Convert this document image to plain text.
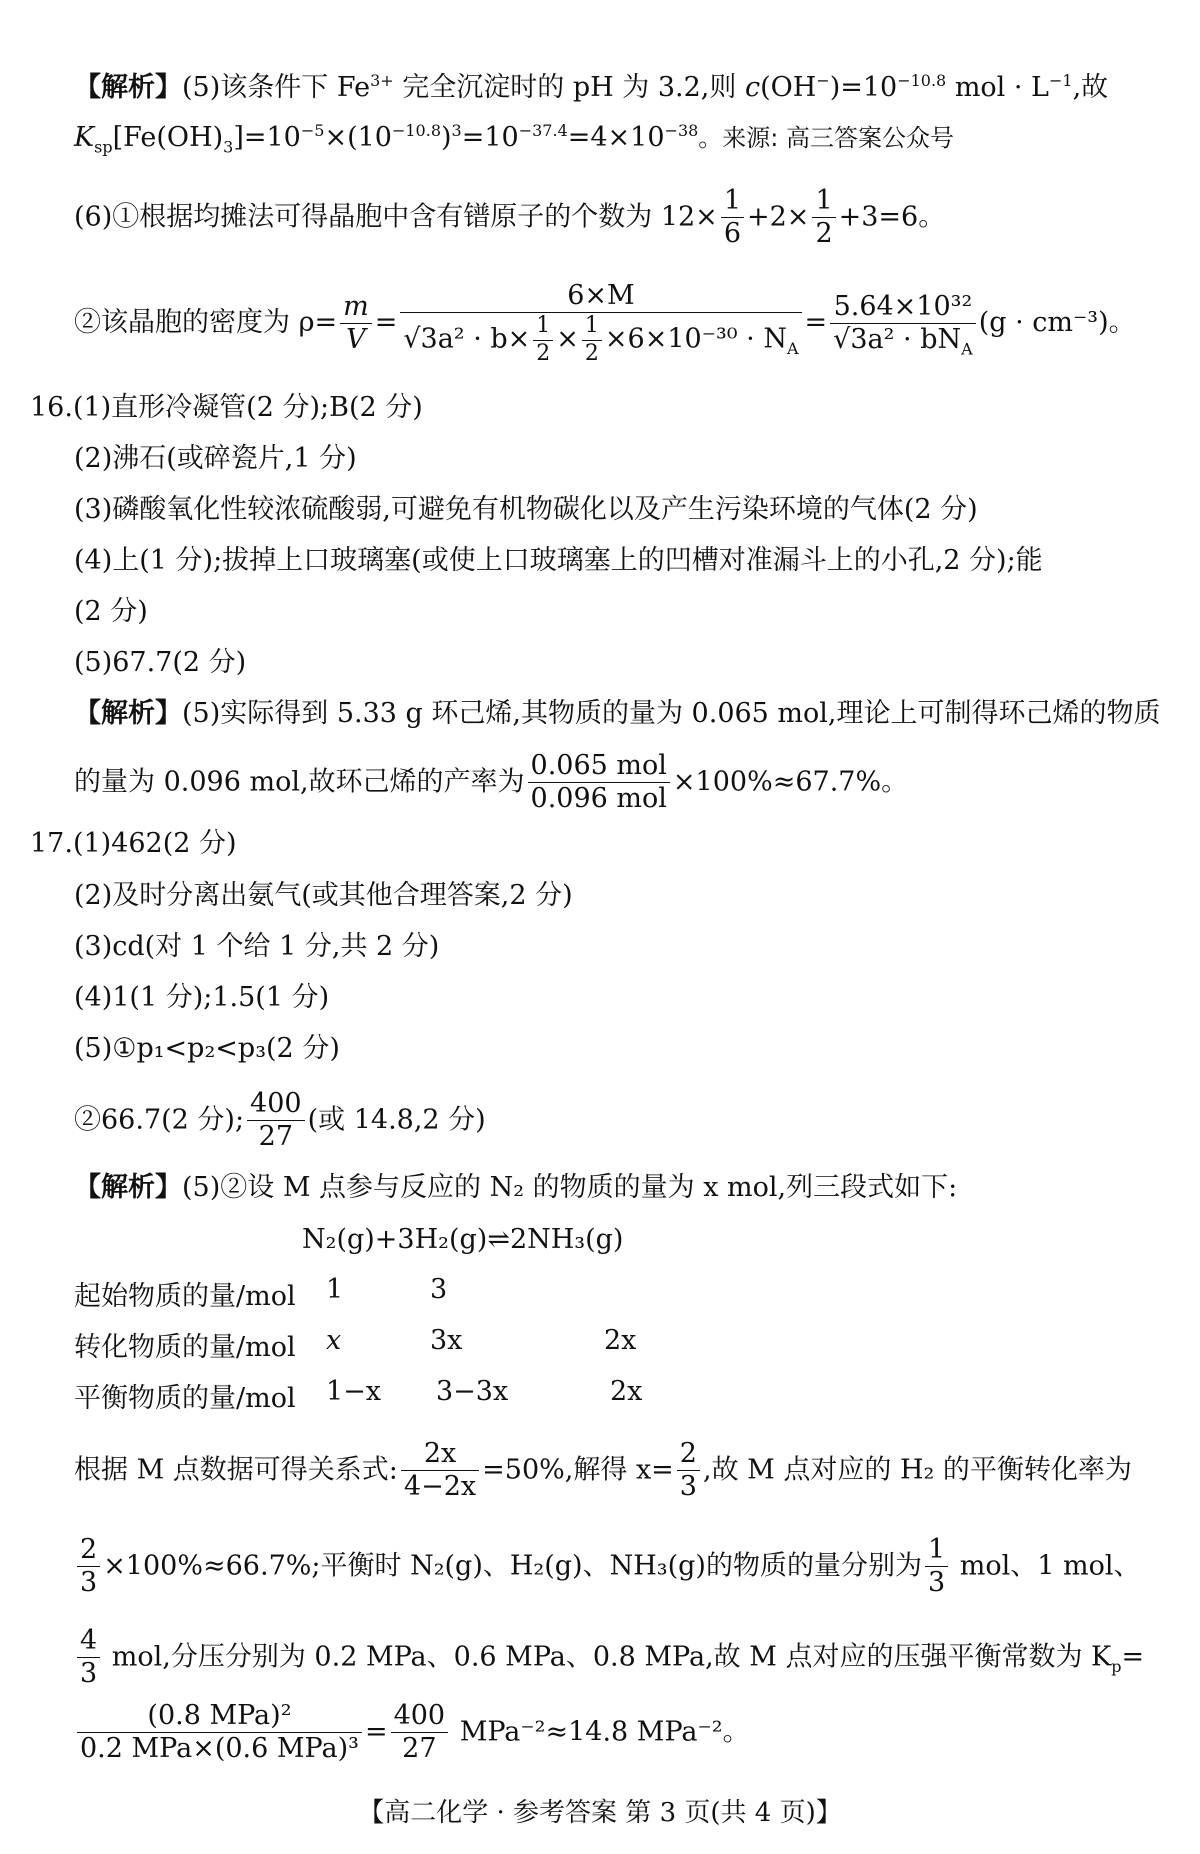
【解析】(5)该条件下 $Fe^{3+}$ 完全沉淀时的 pH 为 3.2,则 $c(OH^-)=10^{-10.8}$ mol · $L^{-1}$,故
$K_{sp}[Fe(OH)_3]=10^{-5}\times(10^{-10.8})^3=10^{-37.4}=4\times 10^{-38}$。来源: 高三答案公众号
(6)①根据均摊法可得晶胞中含有镨原子的个数为 $12\times \frac{1}{6} +2\times \frac{1}{2} +3=6$。
②该晶胞的密度为 $\rho= \frac{m}{V} = \frac{6\times M}{√3a^2 \cdot b\times \frac{1}{2} \times \frac{1}{2} \times 6\times 10^{-30} \cdot N_A} = \frac{\text{5.64×10³²}}{√3a^2 \cdot bN_A} (g \cdot cm^{-3})$。
16.(1)直形冷凝管(2 分);B(2 分)
(2)沸石(或碎瓷片,1 分)
(3)磷酸氧化性较浓硫酸弱,可避免有机物碳化以及产生污染环境的气体(2 分)
(4)上(1 分);拔掉上口玻璃塞(或使上口玻璃塞上的凹槽对准漏斗上的小孔,2 分);能
(2 分)
(5)67.7(2 分)
【解析】(5)实际得到 5.33 g 环己烯,其物质的量为 0.065 mol,理论上可制得环己烯的物质
的量为 0.096 mol,故环己烯的产率为 $\frac{\text{0.065 mol}}{\text{0.096 mol}} \times 100\%\approx 67.7\%$。
17.(1)462(2 分)
(2)及时分离出氨气(或其他合理答案,2 分)
(3)cd(对 1 个给 1 分,共 2 分)
(4)1(1 分);1.5(1 分)
(5)①p₁<p₂<p₃(2 分)
②66.7(2 分); $\frac{400}{27}$ (或 14.8,2 分)
【解析】(5)②设 M 点参与反应的 N₂ 的物质的量为 x mol,列三段式如下:
N₂(g)+3H₂(g)⇌2NH₃(g)
起始物质的量/mol 1	3
转化物质的量/mol x	3x	2x
平衡物质的量/mol 1−x 3−3x	2x
根据 M 点数据可得关系式: $\frac{2x}{4-2x} =50\%$,解得 $x= \frac{2}{3}$ ,故 M 点对应的 H₂ 的平衡转化率为
$\frac{2}{3} \times 100\%\approx 66.7\%$;平衡时 N₂(g)、H₂(g)、NH₃(g)的物质的量分别为 $\frac{1}{3}$ mol、1 mol、
$\frac{4}{3}$ mol,分压分别为 0.2 MPa、0.6 MPa、0.8 MPa,故 M 点对应的压强平衡常数为 $K_p=$
$\frac{\text{(0.8 MPa)²}}{\text{0.2 MPa×(0.6 MPa)³}} = \frac{400}{27} MPa^{-2}\approx 14.8$ MPa⁻²。
【高二化学 · 参考答案 第 3 页(共 4 页)】
